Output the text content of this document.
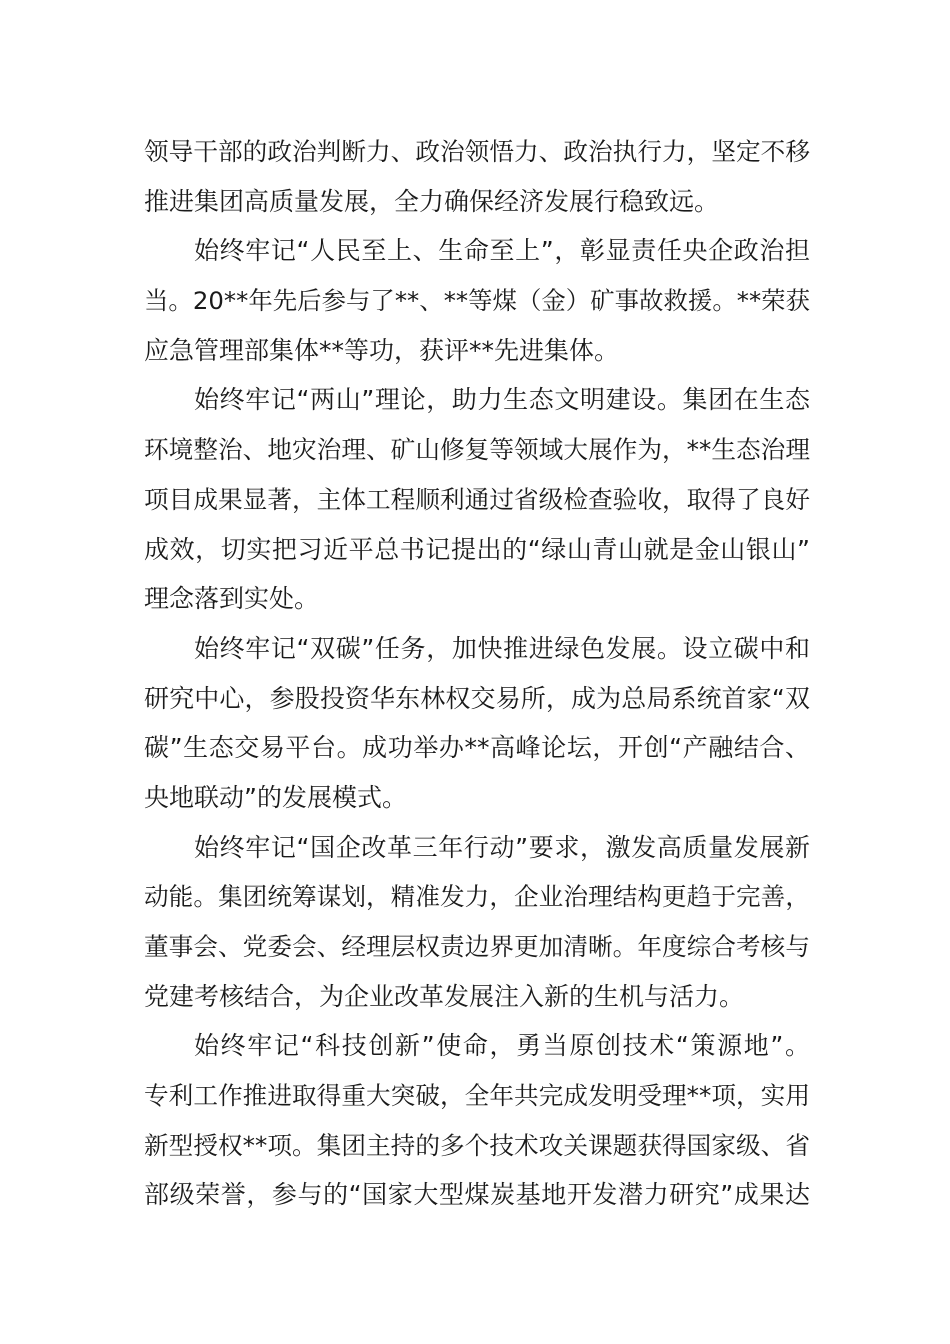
领导干部的政治判断力、政治领悟力、政治执行力，坚定不移
推进集团高质量发展，全力确保经济发展行稳致远。
始终牢记“人民至上、生命至上”，彰显责任央企政治担
当。20**年先后参与了**、**等煤（金）矿事故救援。**荣获
应急管理部集体**等功，获评**先进集体。
始终牢记“两山”理论，助力生态文明建设。集团在生态
环境整治、地灾治理、矿山修复等领域大展作为，**生态治理
项目成果显著，主体工程顺利通过省级检查验收，取得了良好
成效，切实把习近平总书记提出的“绿山青山就是金山银山”
理念落到实处。
始终牢记“双碳”任务，加快推进绿色发展。设立碳中和
研究中心，参股投资华东林权交易所，成为总局系统首家“双
碳”生态交易平台。成功举办**高峰论坛，开创“产融结合、
央地联动”的发展模式。
始终牢记“国企改革三年行动”要求，激发高质量发展新
动能。集团统筹谋划，精准发力，企业治理结构更趋于完善，
董事会、党委会、经理层权责边界更加清晰。年度综合考核与
党建考核结合，为企业改革发展注入新的生机与活力。
始终牢记“科技创新”使命，勇当原创技术“策源地”。
专利工作推进取得重大突破，全年共完成发明受理**项，实用
新型授权**项。集团主持的多个技术攻关课题获得国家级、省
部级荣誉，参与的“国家大型煤炭基地开发潜力研究”成果达
